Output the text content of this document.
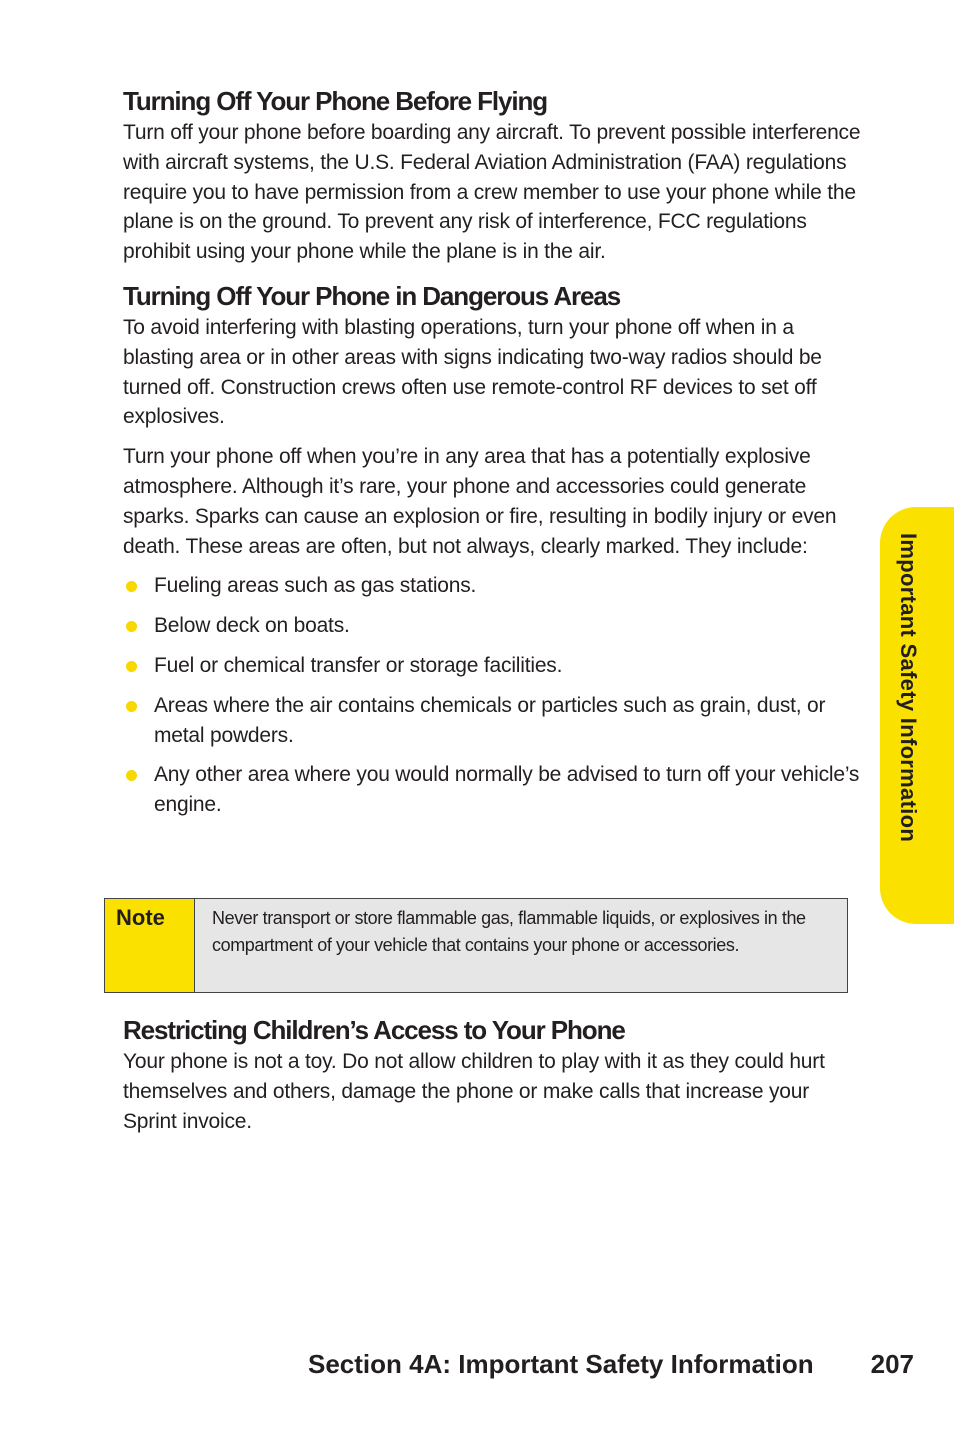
Turning Off Your Phone Before Flying

Turn off your phone before boarding any aircraft. To prevent possible interference with aircraft systems, the U.S. Federal Aviation Administration (FAA) regulations require you to have permission from a crew member to use your phone while the plane is on the ground. To prevent any risk of interference, FCC regulations prohibit using your phone while the plane is in the air.

Turning Off Your Phone in Dangerous Areas

To avoid interfering with blasting operations, turn your phone off when in a blasting area or in other areas with signs indicating two-way radios should be turned off. Construction crews often use remote-control RF devices to set off explosives.

Turn your phone off when you’re in any area that has a potentially explosive atmosphere. Although it’s rare, your phone and accessories could generate sparks. Sparks can cause an explosion or fire, resulting in bodily injury or even death. These areas are often, but not always, clearly marked. They include:

Fueling areas such as gas stations.
Below deck on boats.
Fuel or chemical transfer or storage facilities.
Areas where the air contains chemicals or particles such as grain, dust, or metal powders.
Any other area where you would normally be advised to turn off your vehicle’s engine.
Note	Never transport or store flammable gas, flammable liquids, or explosives in the compartment of your vehicle that contains your phone or accessories.
Restricting Children’s Access to Your Phone

Your phone is not a toy. Do not allow children to play with it as they could hurt themselves and others, damage the phone or make calls that increase your Sprint invoice.

Important Safety Information
Section 4A: Important Safety Information 207
